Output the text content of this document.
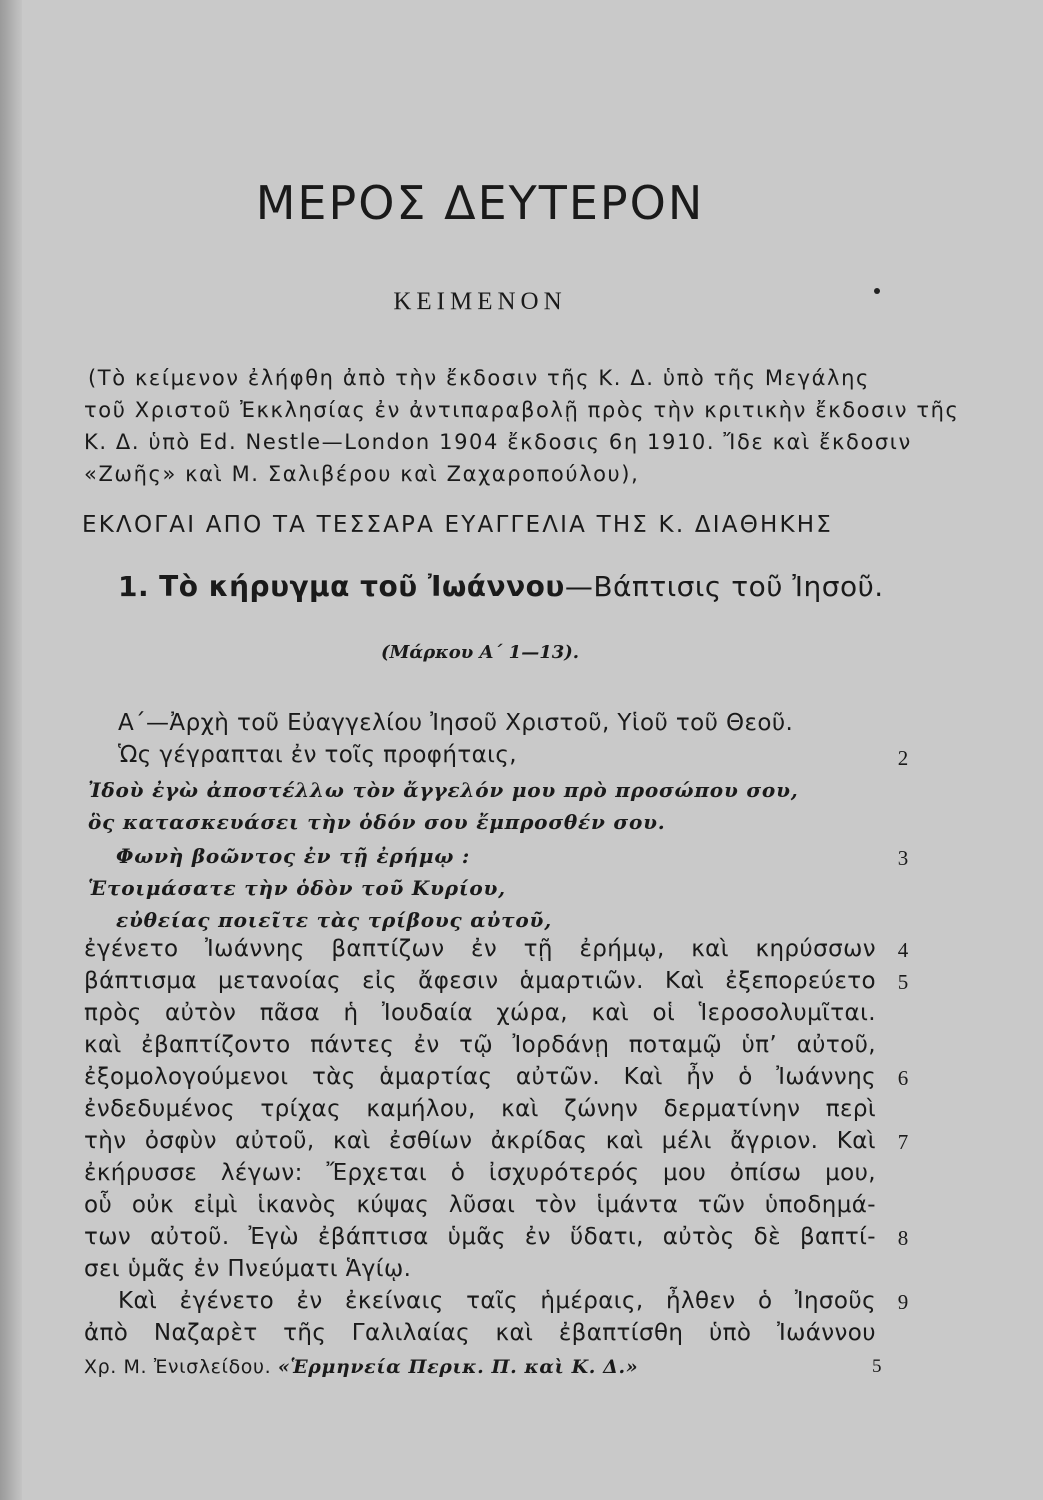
ΜΕΡΟΣ ΔΕΥΤΕΡΟΝ
ΚΕΙΜΕΝΟΝ
(Τὸ κείμενον ἐλήφθη ἀπὸ τὴν ἔκδοσιν τῆς Κ. Δ. ὑπὸ τῆς Μεγάλης
τοῦ Χριστοῦ Ἐκκλησίας ἐν ἀντιπαραβολῇ πρὸς τὴν κριτικὴν ἔκδοσιν τῆς
Κ. Δ. ὑπὸ Ed. Nestle—London 1904 ἔκδοσις 6η 1910. Ἴδε καὶ ἔκδοσιν
«Ζωῆς» καὶ Μ. Σαλιβέρου καὶ Ζαχαροπούλου),
ΕΚΛΟΓΑΙ ΑΠΟ ΤΑ ΤΕΣΣΑΡΑ ΕΥΑΓΓΕΛΙΑ ΤΗΣ Κ. ΔΙΑΘΗΚΗΣ
1. Τὸ κήρυγμα τοῦ Ἰωάννου—Βάπτισις τοῦ Ἰησοῦ.
(Μάρκου Α΄ 1—13).
Α΄—Ἀρχὴ τοῦ Εὐαγγελίου Ἰησοῦ Χριστοῦ, Υἱοῦ τοῦ Θεοῦ.
Ὡς γέγραπται ἐν τοῖς προφήταις,
Ἰδοὺ ἐγὼ ἀποστέλλω τὸν ἄγγελόν μου πρὸ προσώπου σου,
ὃς κατασκευάσει τὴν ὁδόν σου ἔμπροσθέν σου.
Φωνὴ βοῶντος ἐν τῇ ἐρήμῳ :
Ἑτοιμάσατε τὴν ὁδὸν τοῦ Κυρίου,
εὐθείας ποιεῖτε τὰς τρίβους αὐτοῦ,
ἐγένετο Ἰωάννης βαπτίζων ἐν τῇ ἐρήμῳ, καὶ κηρύσσων
βάπτισμα μετανοίας εἰς ἄφεσιν ἁμαρτιῶν. Καὶ ἐξεπορεύετο
πρὸς αὐτὸν πᾶσα ἡ Ἰουδαία χώρα, καὶ οἱ Ἱεροσολυμῖται.
καὶ ἐβαπτίζοντο πάντες ἐν τῷ Ἰορδάνῃ ποταμῷ ὑπ’ αὐτοῦ,
ἐξομολογούμενοι τὰς ἁμαρτίας αὐτῶν. Καὶ ἦν ὁ Ἰωάννης
ἐνδεδυμένος τρίχας καμήλου, καὶ ζώνην δερματίνην περὶ
τὴν ὀσφὺν αὐτοῦ, καὶ ἐσθίων ἀκρίδας καὶ μέλι ἄγριον. Καὶ
ἐκήρυσσε λέγων: Ἔρχεται ὁ ἰσχυρότερός μου ὀπίσω μου,
οὗ οὐκ εἰμὶ ἱκανὸς κύψας λῦσαι τὸν ἱμάντα τῶν ὑποδημά-
των αὐτοῦ. Ἐγὼ ἐβάπτισα ὑμᾶς ἐν ὕδατι, αὐτὸς δὲ βαπτί-
σει ὑμᾶς ἐν Πνεύματι Ἁγίῳ.
Καὶ ἐγένετο ἐν ἐκείναις ταῖς ἡμέραις, ἦλθεν ὁ Ἰησοῦς
ἀπὸ Ναζαρὲτ τῆς Γαλιλαίας καὶ ἐβαπτίσθη ὑπὸ Ἰωάννου
2
3
4
5
6
7
8
9
Χρ. Μ. Ἐνισλείδου. «Ἑρμηνεία Περικ. Π. καὶ Κ. Δ.»	5
